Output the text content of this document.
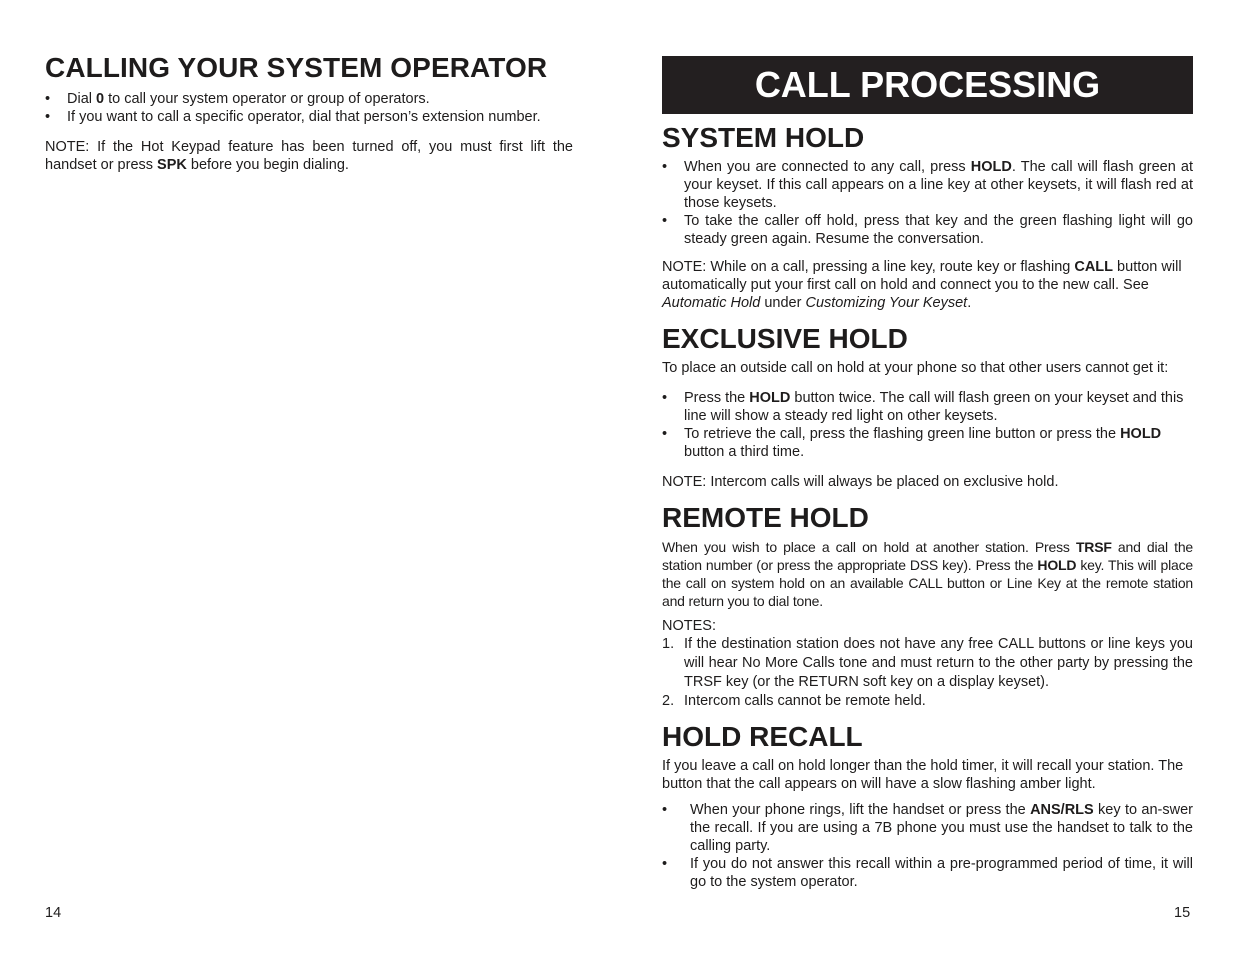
CALLING YOUR SYSTEM OPERATOR
• Dial 0 to call your system operator or group of operators.
• If you want to call a specific operator, dial that person’s extension number.

NOTE: If the Hot Keypad feature has been turned off, you must first lift the handset or press SPK before you begin dialing.

CALL PROCESSING
SYSTEM HOLD
• When you are connected to any call, press HOLD. The call will flash green at your keyset. If this call appears on a line key at other keysets, it will flash red at those keysets.
• To take the caller off hold, press that key and the green flashing light will go steady green again. Resume the conversation.

NOTE: While on a call, pressing a line key, route key or flashing CALL button will automatically put your first call on hold and connect you to the new call. See Automatic Hold under Customizing Your Keyset.

EXCLUSIVE HOLD

To place an outside call on hold at your phone so that other users cannot get it:

• Press the HOLD button twice. The call will flash green on your keyset and this line will show a steady red light on other keysets.
• To retrieve the call, press the flashing green line button or press the HOLD button a third time.

NOTE: Intercom calls will always be placed on exclusive hold.

REMOTE HOLD

When you wish to place a call on hold at another station. Press TRSF and dial the station number (or press the appropriate DSS key). Press the HOLD key. This will place the call on system hold on an available CALL button or Line Key at the remote station and return you to dial tone.

NOTES:

1. If the destination station does not have any free CALL buttons or line keys you will hear No More Calls tone and must return to the other party by pressing the TRSF key (or the RETURN soft key on a display keyset).
2. Intercom calls cannot be remote held.
HOLD RECALL

If you leave a call on hold longer than the hold timer, it will recall your station. The button that the call appears on will have a slow flashing amber light.

• When your phone rings, lift the handset or press the ANS/RLS key to an-swer the recall. If you are using a 7B phone you must use the handset to talk to the calling party.
• If you do not answer this recall within a pre-programmed period of time, it will go to the system operator.
14	15
